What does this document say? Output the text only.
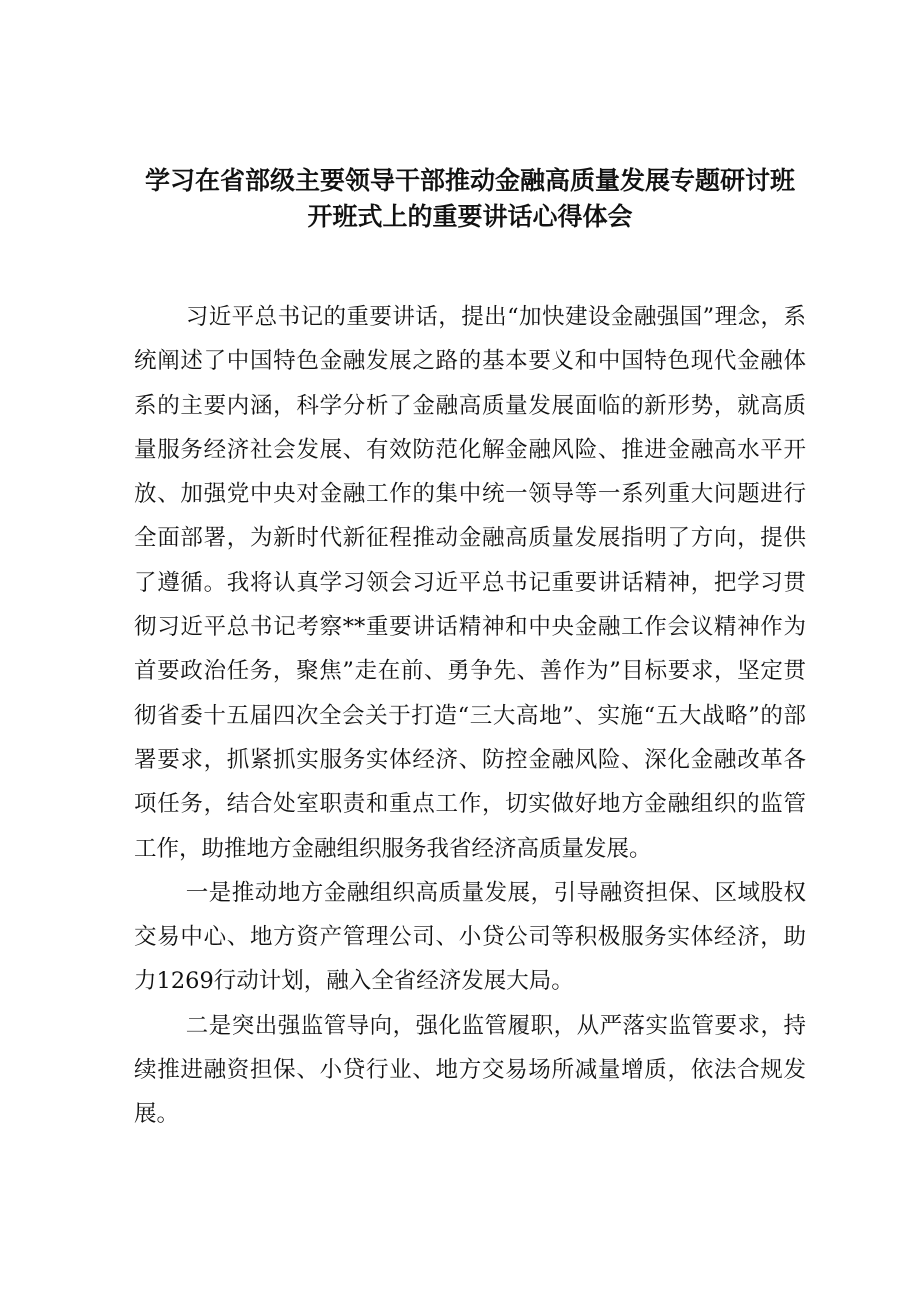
学习在省部级主要领导干部推动金融高质量发展专题研讨班
开班式上的重要讲话心得体会

习近平总书记的重要讲话，提出“加快建设金融强国”理念，系统阐述了中国特色金融发展之路的基本要义和中国特色现代金融体系的主要内涵，科学分析了金融高质量发展面临的新形势，就高质量服务经济社会发展、有效防范化解金融风险、推进金融高水平开放、加强党中央对金融工作的集中统一领导等一系列重大问题进行全面部署，为新时代新征程推动金融高质量发展指明了方向，提供了遵循。我将认真学习领会习近平总书记重要讲话精神，把学习贯彻习近平总书记考察**重要讲话精神和中央金融工作会议精神作为首要政治任务，聚焦”走在前、勇争先、善作为”目标要求，坚定贯彻省委十五届四次全会关于打造“三大高地”、实施“五大战略”的部署要求，抓紧抓实服务实体经济、防控金融风险、深化金融改革各项任务，结合处室职责和重点工作，切实做好地方金融组织的监管工作，助推地方金融组织服务我省经济高质量发展。

一是推动地方金融组织高质量发展，引导融资担保、区域股权交易中心、地方资产管理公司、小贷公司等积极服务实体经济，助力1269行动计划，融入全省经济发展大局。

二是突出强监管导向，强化监管履职，从严落实监管要求，持续推进融资担保、小贷行业、地方交易场所减量增质，依法合规发展。
